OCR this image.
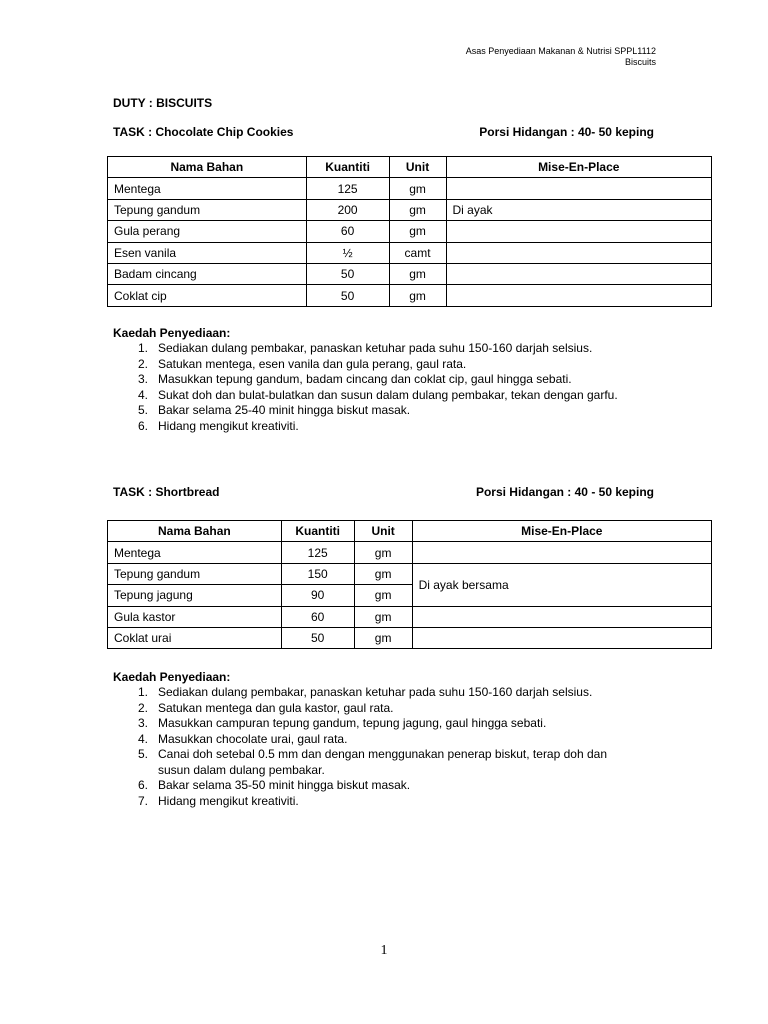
Asas Penyediaan Makanan & Nutrisi SPPL1112
Biscuits
DUTY : BISCUITS
TASK : Chocolate Chip Cookies	Porsi Hidangan : 40- 50 keping
Nama Bahan	Kuantiti	Unit	Mise-En-Place
Mentega	125	gm	
Tepung gandum	200	gm	Di ayak
Gula perang	60	gm	
Esen vanila	½	camt	
Badam cincang	50	gm	
Coklat cip	50	gm	
Kaedah Penyediaan:
1. Sediakan dulang pembakar, panaskan ketuhar pada suhu 150-160 darjah selsius.
2. Satukan mentega, esen vanila dan gula perang, gaul rata.
3. Masukkan tepung gandum, badam cincang dan coklat cip, gaul hingga sebati.
4. Sukat doh dan bulat-bulatkan dan susun dalam dulang pembakar, tekan dengan garfu.
5. Bakar selama 25-40 minit hingga biskut masak.
6. Hidang mengikut kreativiti.
TASK : Shortbread	Porsi Hidangan : 40 - 50 keping
Nama Bahan	Kuantiti	Unit	Mise-En-Place
Mentega	125	gm	
Tepung gandum	150	gm	Di ayak bersama
Tepung jagung	90	gm	
Gula kastor	60	gm	
Coklat urai	50	gm	
Kaedah Penyediaan:
1. Sediakan dulang pembakar, panaskan ketuhar pada suhu 150-160 darjah selsius.
2. Satukan mentega dan gula kastor, gaul rata.
3. Masukkan campuran tepung gandum, tepung jagung, gaul hingga sebati.
4. Masukkan chocolate urai, gaul rata.
5. Canai doh setebal 0.5 mm dan dengan menggunakan penerap biskut, terap doh dan susun dalam dulang pembakar.
6. Bakar selama 35-50 minit hingga biskut masak.
7. Hidang mengikut kreativiti.
1
